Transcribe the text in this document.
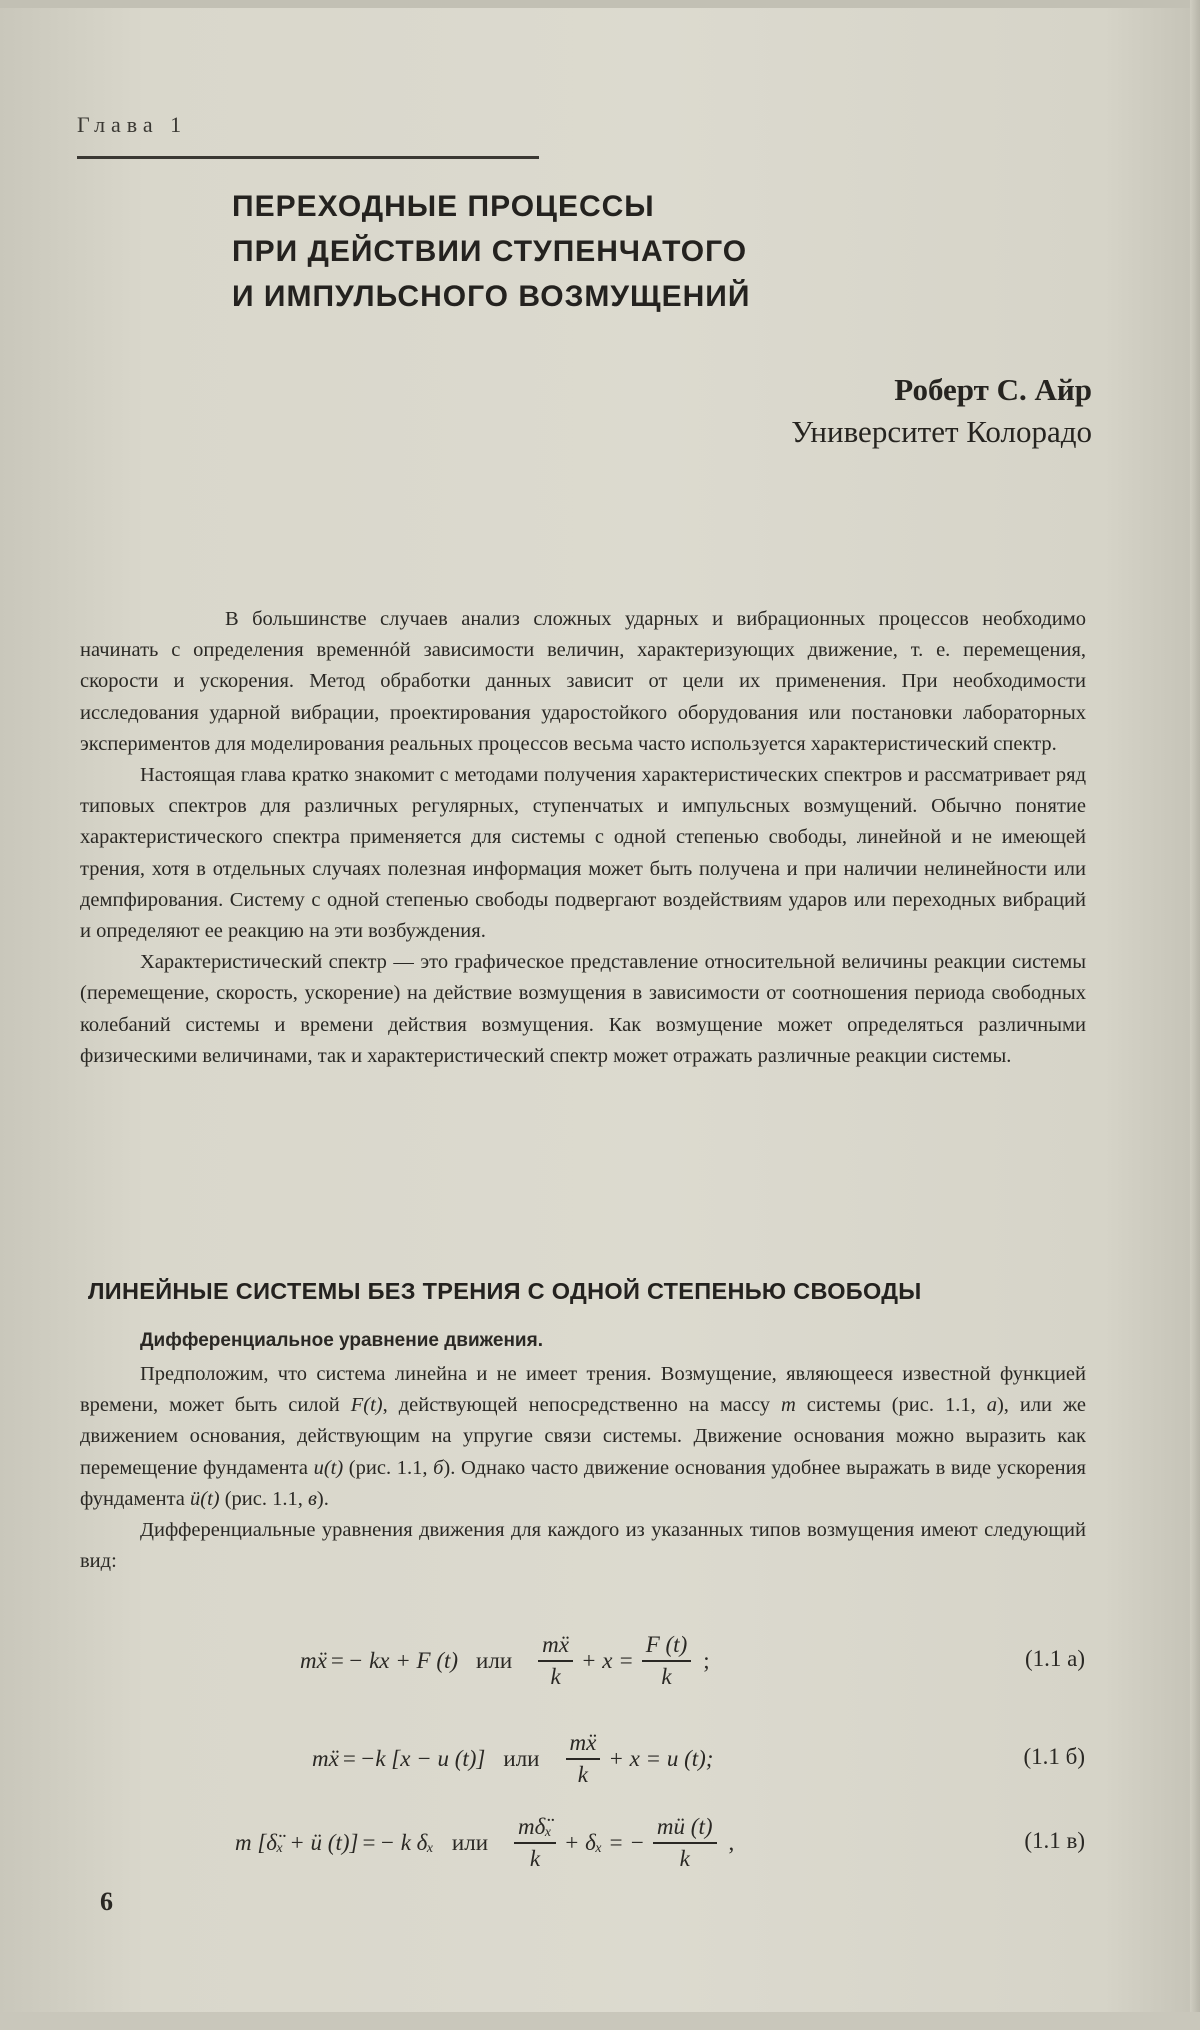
Глава 1
ПЕРЕХОДНЫЕ ПРОЦЕССЫ
ПРИ ДЕЙСТВИИ СТУПЕНЧАТОГО
И ИМПУЛЬСНОГО ВОЗМУЩЕНИЙ
Роберт С. Айр
Университет Колорадо

В большинстве случаев анализ сложных ударных и вибрационных процессов необходимо начинать с определения временнóй зависимости величин, характеризующих движение, т. е. перемещения, скорости и ускорения. Метод обработки данных зависит от цели их применения. При необходимости исследования ударной вибрации, проектирования ударостойкого оборудования или постановки лабораторных экспериментов для моделирования реальных процессов весьма часто используется характеристический спектр.

Настоящая глава кратко знакомит с методами получения характеристических спектров и рассматривает ряд типовых спектров для различных регулярных, ступенчатых и импульсных возмущений. Обычно понятие характеристического спектра применяется для системы с одной степенью свободы, линейной и не имеющей трения, хотя в отдельных случаях полезная информация может быть получена и при наличии нелинейности или демпфирования. Систему с одной степенью свободы подвергают воздействиям ударов или переходных вибраций и определяют ее реакцию на эти возбуждения.

Характеристический спектр — это графическое представление относительной величины реакции системы (перемещение, скорость, ускорение) на действие возмущения в зависимости от соотношения периода свободных колебаний системы и времени действия возмущения. Как возмущение может определяться различными физическими величинами, так и характеристический спектр может отражать различные реакции системы.

ЛИНЕЙНЫЕ СИСТЕМЫ БЕЗ ТРЕНИЯ С ОДНОЙ СТЕПЕНЬЮ СВОБОДЫ
Дифференциальное уравнение движения.

Предположим, что система линейна и не имеет трения. Возмущение, являющееся известной функцией времени, может быть силой F(t), действующей непосредственно на массу m системы (рис. 1.1, а), или же движением основания, действующим на упругие связи системы. Движение основания можно выразить как перемещение фундамента u(t) (рис. 1.1, б). Однако часто движение основания удобнее выражать в виде ускорения фундамента ü(t) (рис. 1.1, в).

Дифференциальные уравнения движения для каждого из указанных типов возмущения имеют следующий вид:

mẍ = − kx + F (t) или $\frac{\text{mẍ}}{k} + x = \frac{F (t)}{k}$ ;	(1.1 а)
mẍ = −k [x − u (t)] или $\frac{\text{mẍ}}{k} + x = u$ (t);	(1.1 б)
m [δ̈ₓ + ü (t)] = − k δₓ или $\frac{\text{mδ̈ₓ}}{k} + \delta_x$ = − $\frac{mü (t)}{k}$ ,	(1.1 в)
6
